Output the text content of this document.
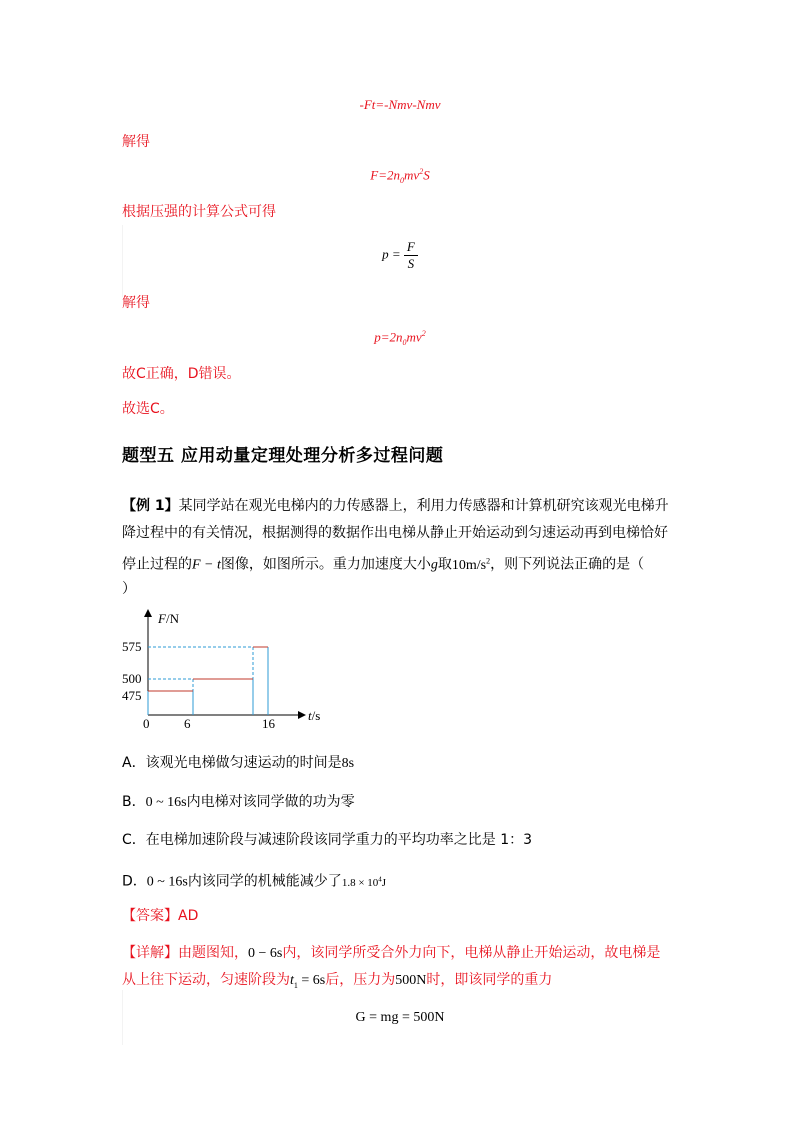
-Ft=-Nmv-Nmv
解得
$F=2n_0mv^2S$
根据压强的计算公式可得
$p = \frac{F}{S}$
解得
$p=2n_0mv^2$
故C正确，D错误。
故选C。
题型五 应用动量定理处理分析多过程问题
【例 1】某同学站在观光电梯内的力传感器上，利用力传感器和计算机研究该观光电梯升
降过程中的有关情况，根据测得的数据作出电梯从静止开始运动到匀速运动再到电梯恰好
停止过程的F − t图像，如图所示。重力加速度大小g取$10m/s^2$，则下列说法正确的是（
）
F/N
t/s
575
500
475
0	6	16
A．该观光电梯做匀速运动的时间是8s
B．0 ~ 16s内电梯对该同学做的功为零
C．在电梯加速阶段与减速阶段该同学重力的平均功率之比是 1：3
D．0 ~ 16s内该同学的机械能减少了$1.8 \times 10^4J$
【答案】AD
【详解】由题图知，0 − 6s内，该同学所受合外力向下，电梯从静止开始运动，故电梯是
从上往下运动，匀速阶段为$t_1 = 6s$后，压力为500N时，即该同学的重力
G = mg = 500N
